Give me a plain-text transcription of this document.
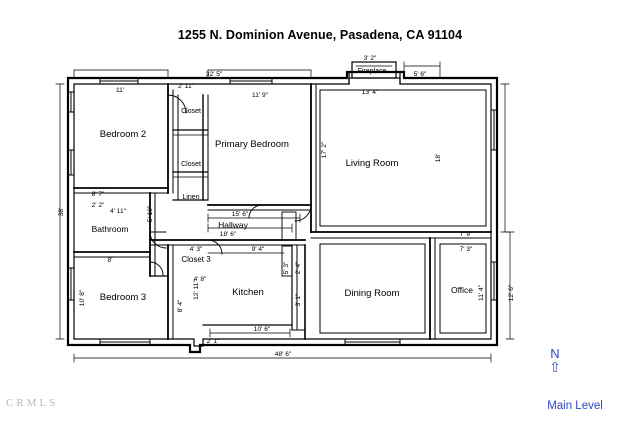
1255 N. Dominion Avenue, Pasadena, CA 91104
Bedroom 2
Primary Bedroom
Living Room
Fireplace
Closet
Closet
Linen
Hallway
Bathroom
Closet 3
Bedroom 3	Kitchen	Dining Room	Office
32' 5"
11' 9"	13' 4"
3' 2"
5' 6"
2' 11"
11'
38'
8' 7"
2' 2"
4' 11"	5' 10"
10' 8"	8' 4"
12' 11"
18'
7' 9"
7' 3"
11' 4"	12' 6"
48' 6"
10' 6"
2' 1"
15' 6"
18' 6"
9' 4"
4' 3"
4' 8"
5' 3" 2' 4"
3' 1"
17' 2"
8'
N
⇧
Main Level
CRMLS
